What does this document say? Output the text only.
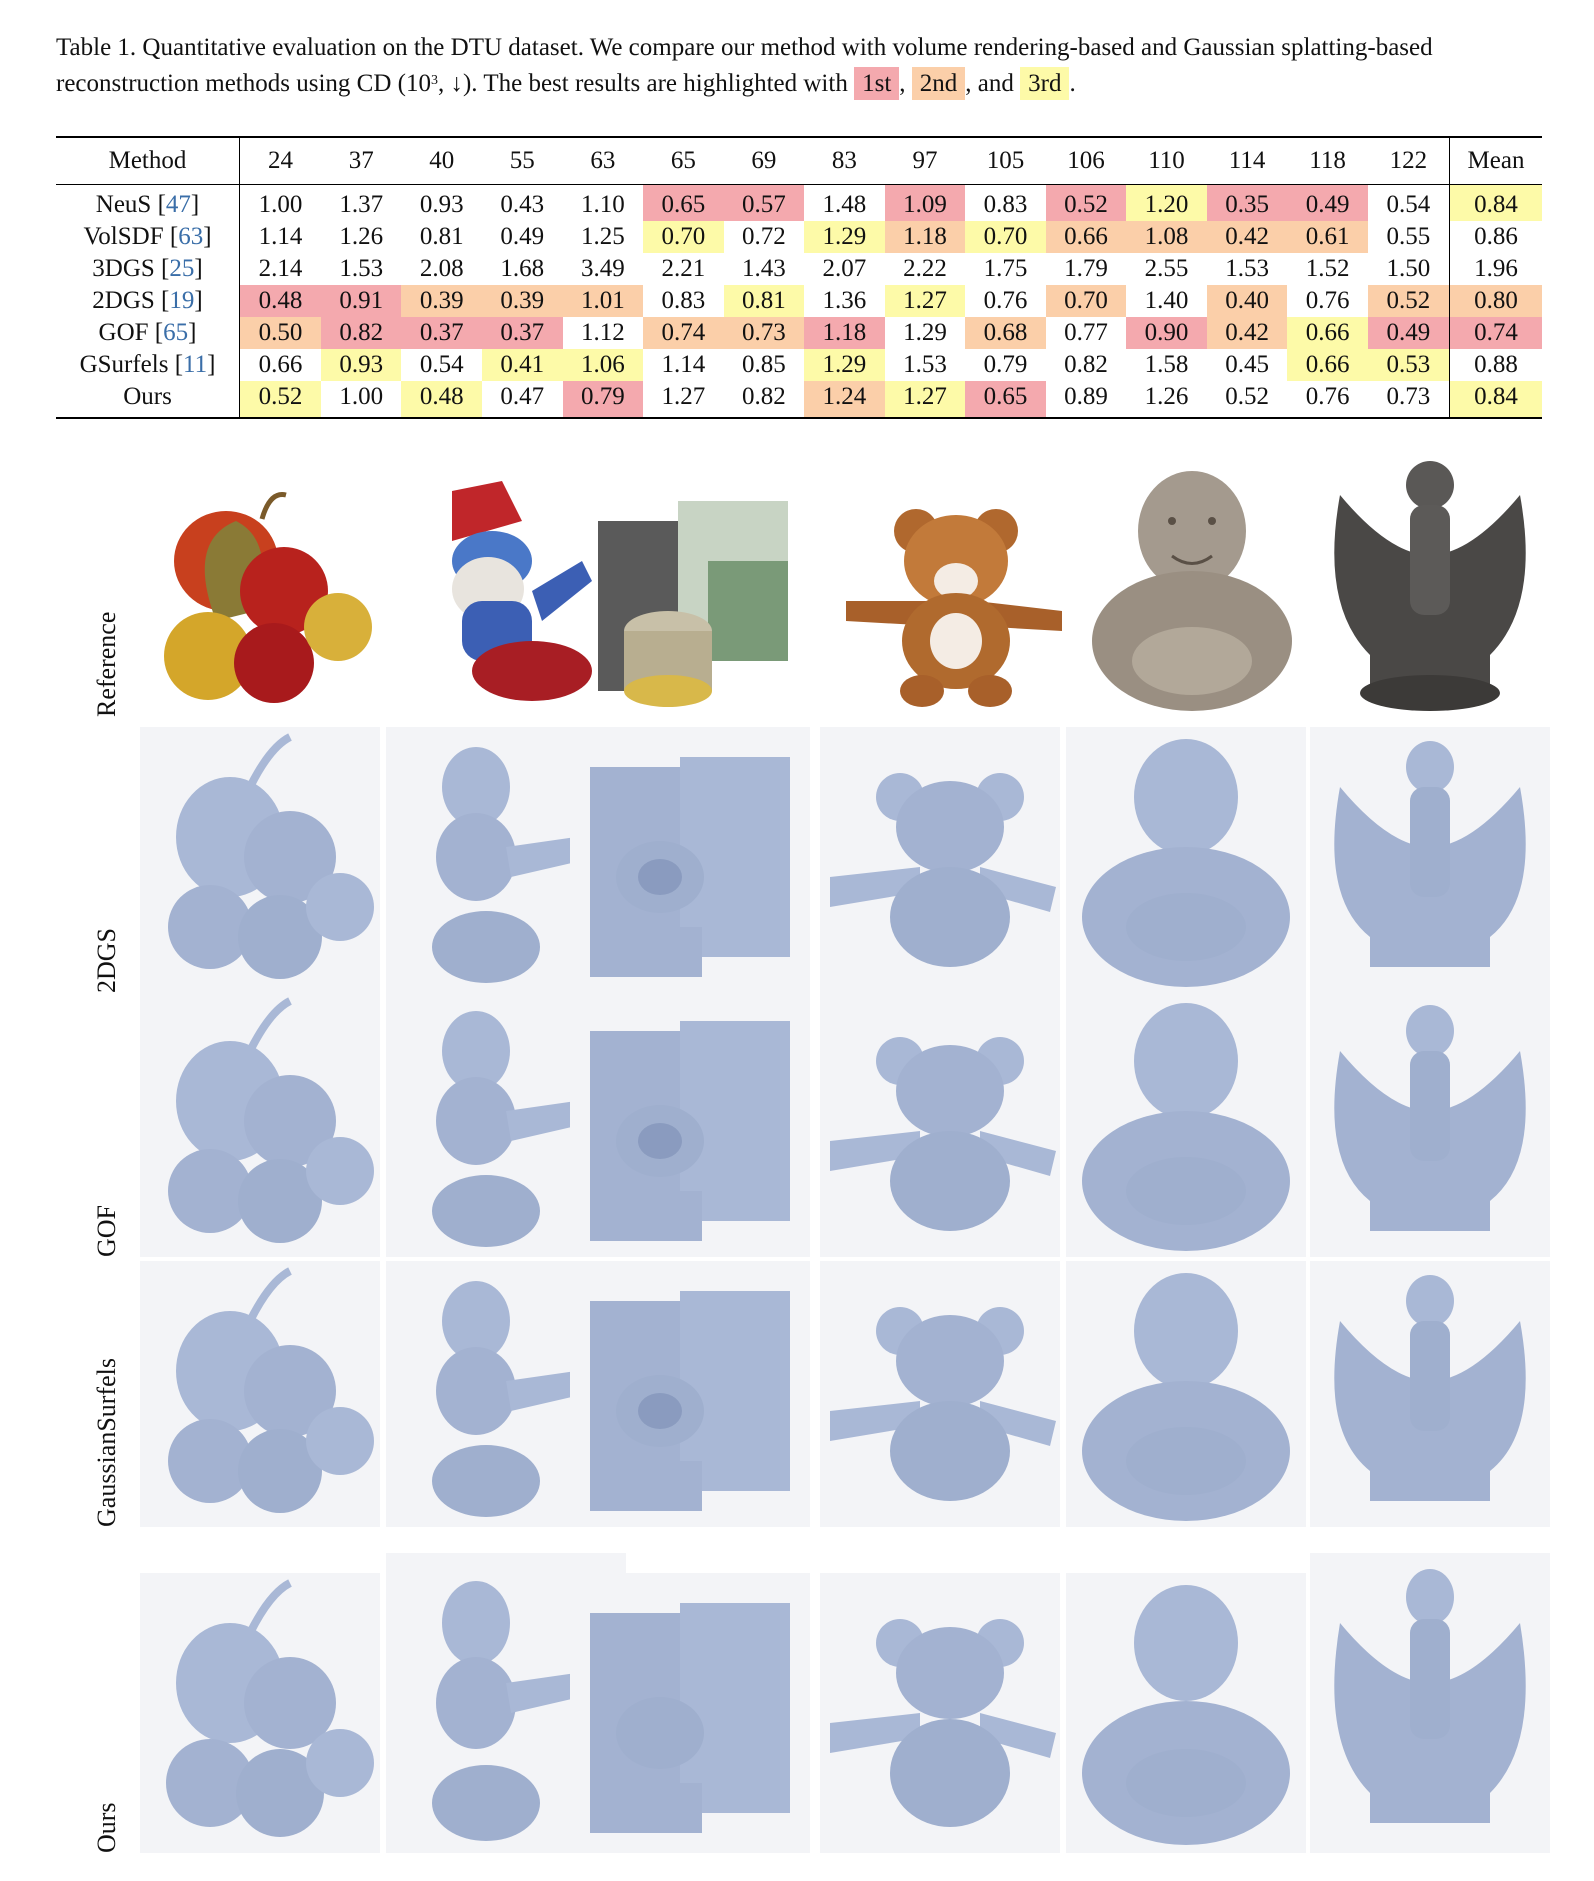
Table 1. Quantitative evaluation on the DTU dataset. We compare our method with volume rendering-based and Gaussian splatting-based reconstruction methods using CD ($10^3$, ↓). The best results are highlighted with 1st , 2nd , and 3rd .
Method	24	37	40	55	63	65	69	83	97	105	106	110	114	118	122	Mean
NeuS [47]	1.00	1.37	0.93	0.43	1.10	0.65	0.57	1.48	1.09	0.83	0.52	1.20	0.35	0.49	0.54	0.84
VolSDF [63]	1.14	1.26	0.81	0.49	1.25	0.70	0.72	1.29	1.18	0.70	0.66	1.08	0.42	0.61	0.55	0.86
3DGS [25]	2.14	1.53	2.08	1.68	3.49	2.21	1.43	2.07	2.22	1.75	1.79	2.55	1.53	1.52	1.50	1.96
2DGS [19]	0.48	0.91	0.39	0.39	1.01	0.83	0.81	1.36	1.27	0.76	0.70	1.40	0.40	0.76	0.52	0.80
GOF [65]	0.50	0.82	0.37	0.37	1.12	0.74	0.73	1.18	1.29	0.68	0.77	0.90	0.42	0.66	0.49	0.74
GSurfels [11]	0.66	0.93	0.54	0.41	1.06	1.14	0.85	1.29	1.53	0.79	0.82	1.58	0.45	0.66	0.53	0.88
Ours	0.52	1.00	0.48	0.47	0.79	1.27	0.82	1.24	1.27	0.65	0.89	1.26	0.52	0.76	0.73	0.84
Reference
2DGS
GOF
GaussianSurfels
Ours
